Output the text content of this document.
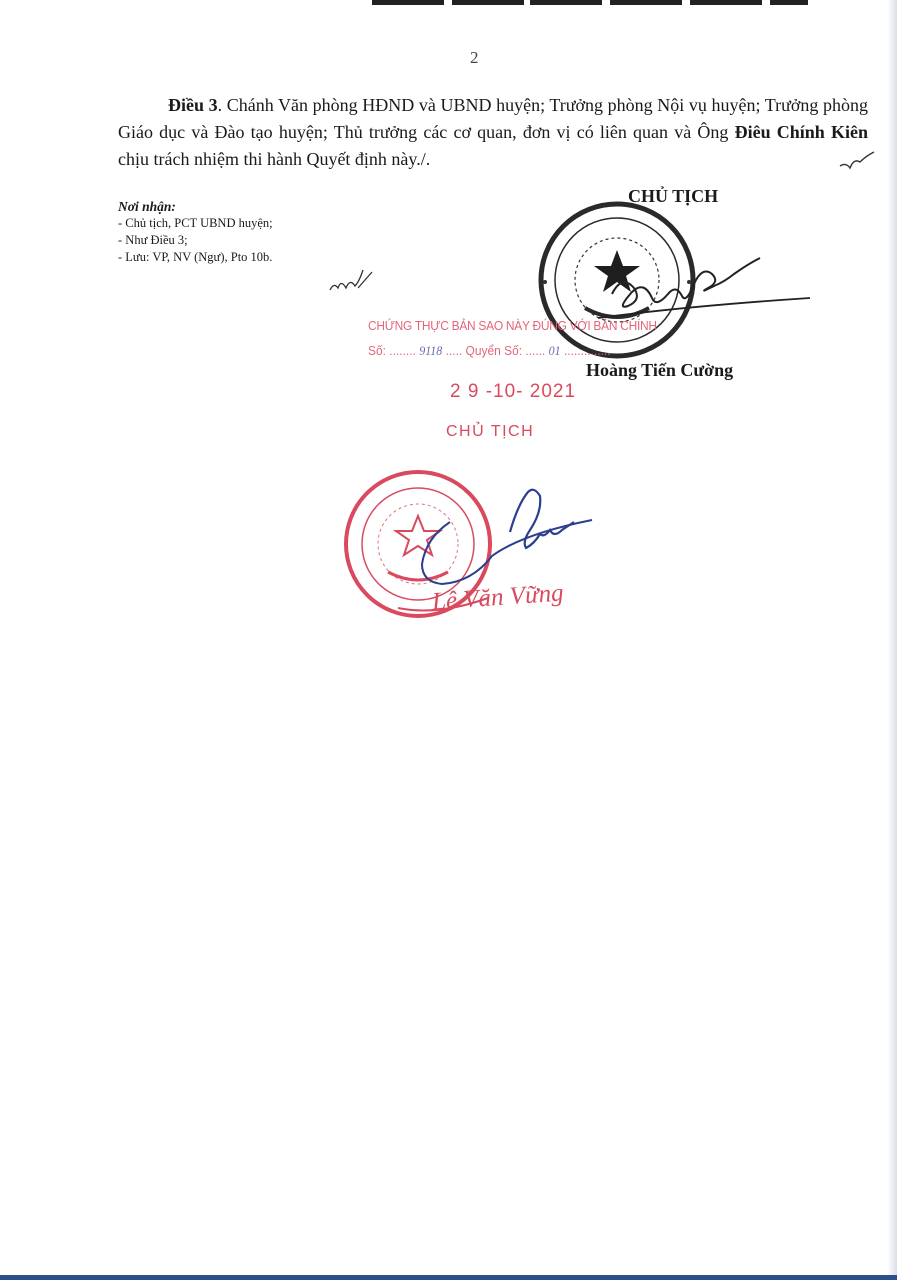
2

Điều 3. Chánh Văn phòng HĐND và UBND huyện; Trưởng phòng Nội vụ huyện; Trưởng phòng Giáo dục và Đào tạo huyện; Thủ trưởng các cơ quan, đơn vị có liên quan và Ông Điêu Chính Kiên chịu trách nhiệm thi hành Quyết định này./.

Nơi nhận:
- Chủ tịch, PCT UBND huyện;
- Như Điều 3;
- Lưu: VP, NV (Ngư), Pto 10b.
CHỦ TỊCH
Hoàng Tiến Cường
CHỨNG THỰC BẢN SAO NÀY ĐÚNG VỚI BẢN CHÍNH
Số: ........ 9118 ..... Quyển Số: ...... 01 ..............
2 9 -10- 2021
CHỦ TỊCH
Lê Văn Vững
